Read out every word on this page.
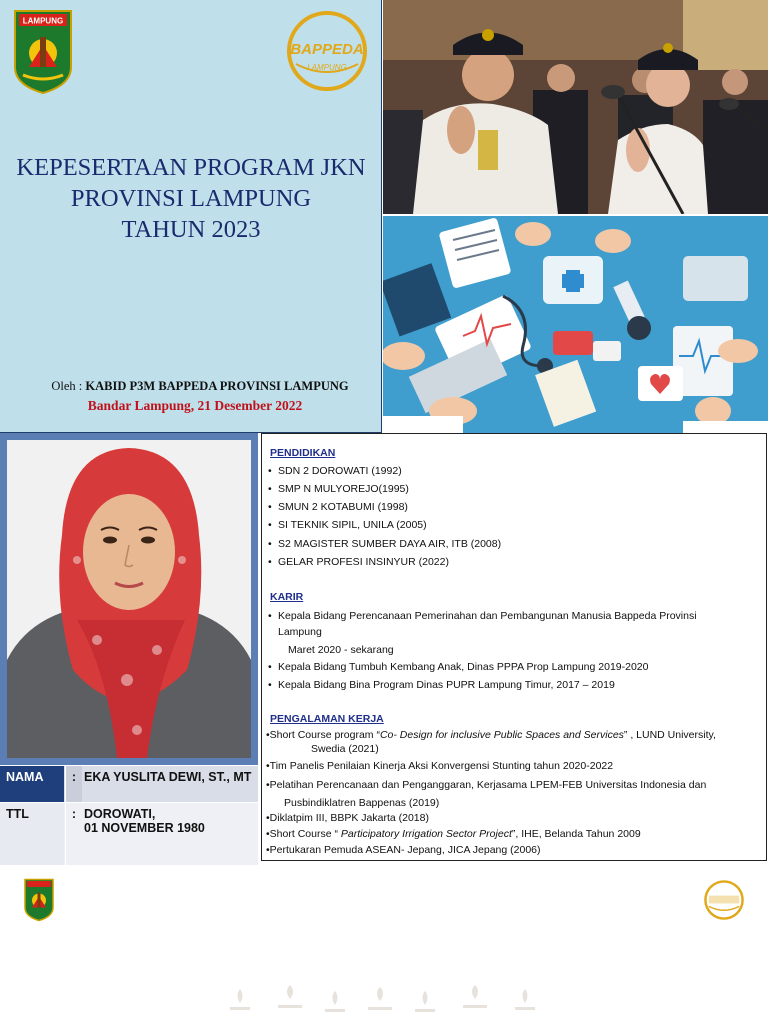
LAMPUNG
BAPPEDA
LAMPUNG
KEPESERTAAN PROGRAM JKN
PROVINSI LAMPUNG
TAHUN 2023
Oleh : KABID P3M BAPPEDA PROVINSI LAMPUNG
Bandar Lampung, 21 Desember 2022
NAMA	: EKA YUSLITA DEWI, ST., MT
TTL	: DOROWATI,
01 NOVEMBER 1980
PENDIDIKAN
• SDN 2 DOROWATI (1992)
• SMP N MULYOREJO(1995)
• SMUN 2 KOTABUMI (1998)
• SI TEKNIK SIPIL, UNILA (2005)
• S2 MAGISTER SUMBER DAYA AIR, ITB (2008)
• GELAR PROFESI INSINYUR (2022)
KARIR
• Kepala Bidang Perencanaan Pemerinahan dan Pembangunan Manusia Bappeda Provinsi
Lampung
Maret 2020 - sekarang
• Kepala Bidang Tumbuh Kembang Anak, Dinas PPPA Prop Lampung 2019-2020
• Kepala Bidang Bina Program Dinas PUPR Lampung Timur, 2017 – 2019
PENGALAMAN KERJA
•Short Course program “Co- Design for inclusive Public Spaces and Services” , LUND University,
Swedia (2021)
•Tim Panelis Penilaian Kinerja Aksi Konvergensi Stunting tahun 2020-2022
•Pelatihan Perencanaan dan Penganggaran, Kerjasama LPEM-FEB Universitas Indonesia dan
Pusbindiklatren Bappenas (2019)
•Diklatpim III, BBPK Jakarta (2018)
•Short Course “ Participatory Irrigation Sector Project”, IHE, Belanda Tahun 2009
•Pertukaran Pemuda ASEAN- Jepang, JICA Jepang (2006)
